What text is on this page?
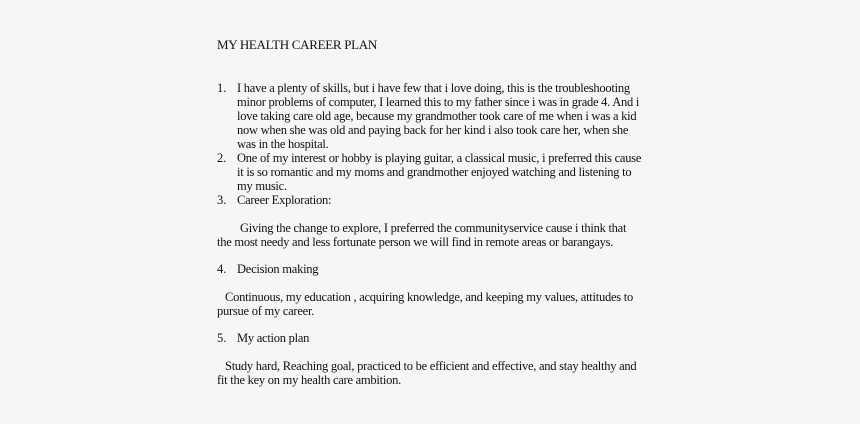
MY HEALTH CAREER PLAN
1. I have a plenty of skills, but i have few that i love doing, this is the troubleshooting
minor problems of computer, I learned this to my father since i was in grade 4. And i
love taking care old age, because my grandmother took care of me when i was a kid
now when she was old and paying back for her kind i also took care her, when she
was in the hospital.
2. One of my interest or hobby is playing guitar, a classical music, i preferred this cause
it is so romantic and my moms and grandmother enjoyed watching and listening to
my music.
3. Career Exploration:
Giving the change to explore, I preferred the communityservice cause i think that
the most needy and less fortunate person we will find in remote areas or barangays.
4. Decision making
Continuous, my education , acquiring knowledge, and keeping my values, attitudes to
pursue of my career.
5. My action plan
Study hard, Reaching goal, practiced to be efficient and effective, and stay healthy and
fit the key on my health care ambition.
